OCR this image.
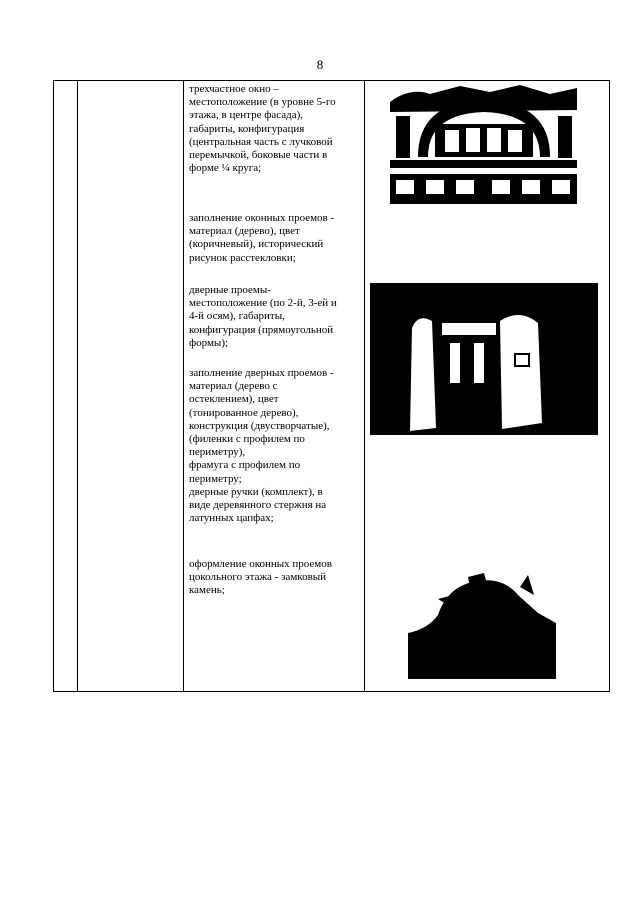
8
трехчастное окно –
местоположение (в уровне 5-го
этажа, в центре фасада),
габариты, конфигурация
(центральная часть с лучковой
перемычкой, боковые части в
форме ¼ круга;
заполнение оконных проемов -
материал (дерево), цвет
(коричневый), исторический
рисунок расстекловки;
дверные проемы-
местоположение (по 2-й, 3-ей и
4-й осям), габариты,
конфигурация (прямоугольной
формы);
заполнение дверных проемов -
материал (дерево с
остеклением), цвет
(тонированное дерево),
конструкция (двустворчатые),
(филенки с профилем по
периметру),
фрамуга с профилем по
периметру;
дверные ручки (комплект), в
виде деревянного стержня на
латунных цапфах;
оформление оконных проемов
цокольного этажа - замковый
камень;
